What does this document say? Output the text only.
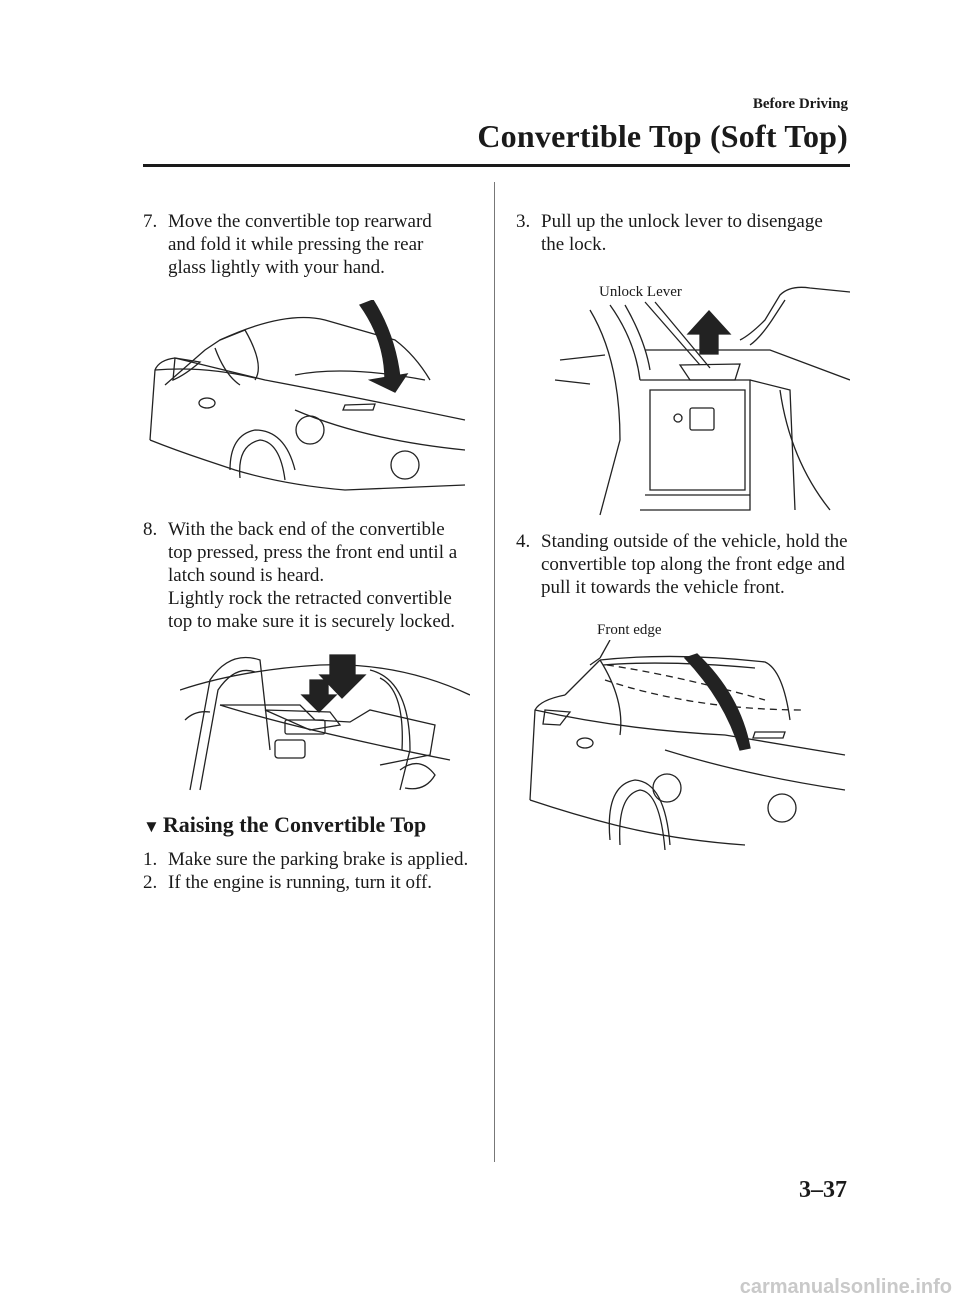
Before Driving
Convertible Top (Soft Top)
7. Move the convertible top rearward and fold it while pressing the rear glass lightly with your hand.
8. With the back end of the convertible top pressed, press the front end until a latch sound is heard.
Lightly rock the retracted convertible top to make sure it is securely locked.
▼ Raising the Convertible Top
1. Make sure the parking brake is applied.
2. If the engine is running, turn it off.
3. Pull up the unlock lever to disengage the lock.
Unlock Lever
4. Standing outside of the vehicle, hold the convertible top along the front edge and pull it towards the vehicle front.
Front edge
3–37
carmanualsonline.info
